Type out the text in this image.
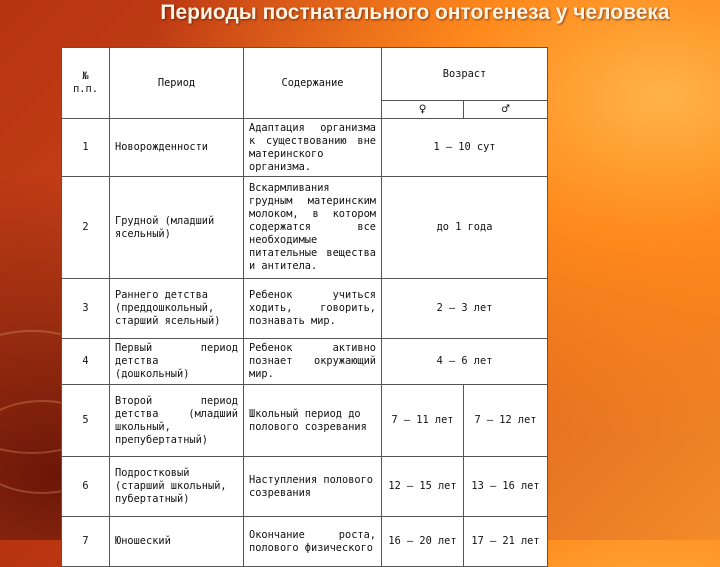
Периоды постнатального онтогенеза у человека
№ п.п.	Период	Содержание	Возраст	
			♀	♂
1	Новорожденности	Адаптация организма к существованию вне материнского организма.	1 – 10 сут	
2	Грудной (младший ясельный)	Вскармливания грудным материнским молоком, в котором содержатся все необходимые питательные вещества и антитела.	до 1 года	
3	Раннего детства (преддошкольный, старший ясельный)	Ребенок учиться ходить, говорить, познавать мир.	2 – 3 лет	
4	Первый период детства (дошкольный)	Ребенок активно познает окружающий мир.	4 – 6 лет	
5	Второй период детства (младший школьный, препубертатный)	Школьный период до полового созревания	7 – 11 лет	7 – 12 лет
6	Подростковый (старший школьный, пубертатный)	Наступления полового созревания	12 – 15 лет	13 – 16 лет
7	Юношеский	Окончание роста, полового физического	16 – 20 лет	17 – 21 лет
